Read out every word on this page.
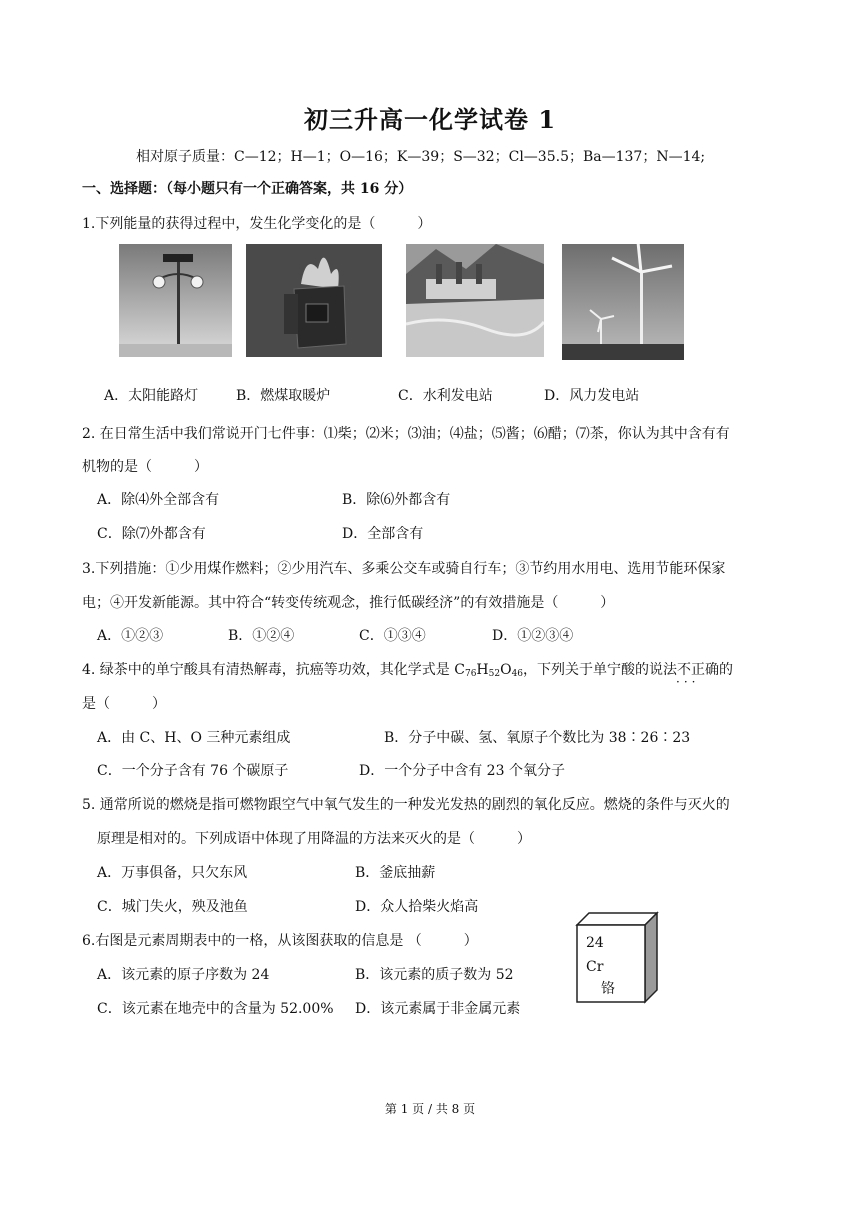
初三升高一化学试卷 1
相对原子质量：C—12；H—1；O—16；K—39；S—32；Cl—35.5；Ba—137；N—14;
一、选择题：（每小题只有一个正确答案，共 16 分）
1.下列能量的获得过程中，发生化学变化的是（　　　）
A．太阳能路灯	B．燃煤取暖炉	C．水利发电站	D．风力发电站
2. 在日常生活中我们常说开门七件事：⑴柴；⑵米；⑶油；⑷盐；⑸酱；⑹醋；⑺茶，你认为其中含有有
机物的是（　　　）
A．除⑷外全部含有	B．除⑹外都含有
C．除⑺外都含有	D．全部含有
3.下列措施：①少用煤作燃料；②少用汽车、多乘公交车或骑自行车；③节约用水用电、选用节能环保家
电；④开发新能源。其中符合“转变传统观念，推行低碳经济”的有效措施是（　　　）
A．①②③	B．①②④	C．①③④	D．①②③④
4. 绿茶中的单宁酸具有清热解毒，抗癌等功效，其化学式是 $C_{76}H_{52}O_{46}$，下列关于单宁酸的说法不正确 ···的
是（　　　）
A．由 C、H、O 三种元素组成	B．分子中碳、氢、氧原子个数比为 38∶26∶23
C．一个分子含有 76 个碳原子	D．一个分子中含有 23 个氧分子
5. 通常所说的燃烧是指可燃物跟空气中氧气发生的一种发光发热的剧烈的氧化反应。燃烧的条件与灭火的
原理是相对的。下列成语中体现了用降温的方法来灭火的是（　　　）
A．万事俱备，只欠东风	B．釜底抽薪
C．城门失火，殃及池鱼	D．众人拾柴火焰高
6.右图是元素周期表中的一格，从该图获取的信息是 （　　　）
A．该元素的原子序数为 24	B．该元素的质子数为 52
C．该元素在地壳中的含量为 52.00% D．该元素属于非金属元素
24
Cr
铬
第 1 页 / 共 8 页
